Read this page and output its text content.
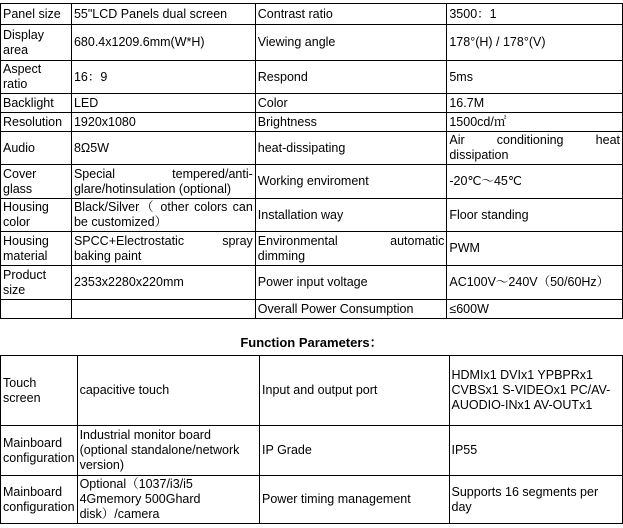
Panel size	55"LCD Panels dual screen	Contrast ratio	3500：1
Display area	680.4x1209.6mm(W*H)	Viewing angle	178°(H) / 178°(V)
Aspect ratio	16：9	Respond	5ms
Backlight	LED	Color	16.7M
Resolution	1920x1080	Brightness	1500cd/㎡
Audio	8Ω5W	heat-dissipating	Air conditioning heat dissipation
Cover glass	Special tempered/anti-glare/hotinsulation (optional)	Working enviroment	-20℃～45℃
Housing color	Black/Silver（ other colors can be customized）	Installation way	Floor standing
Housing material	SPCC+Electrostatic spray baking paint	Environmental automatic dimming	PWM
Product size	2353x2280x220mm	Power input voltage	AC100V～240V（50/60Hz）
		Overall Power Consumption	≤600W
Function Parameters：
Touch screen	capacitive touch	Input and output port	HDMIx1 DVIx1 YPBPRx1 CVBSx1 S-VIDEOx1 PC/AV-AUODIO-INx1 AV-OUTx1
Mainboard configuration	Industrial monitor board (optional standalone/network version)	IP Grade	IP55
Mainboard configuration	Optional（1037/i3/i5 4Gmemory 500Ghard disk）/camera	Power timing management	Supports 16 segments per day
